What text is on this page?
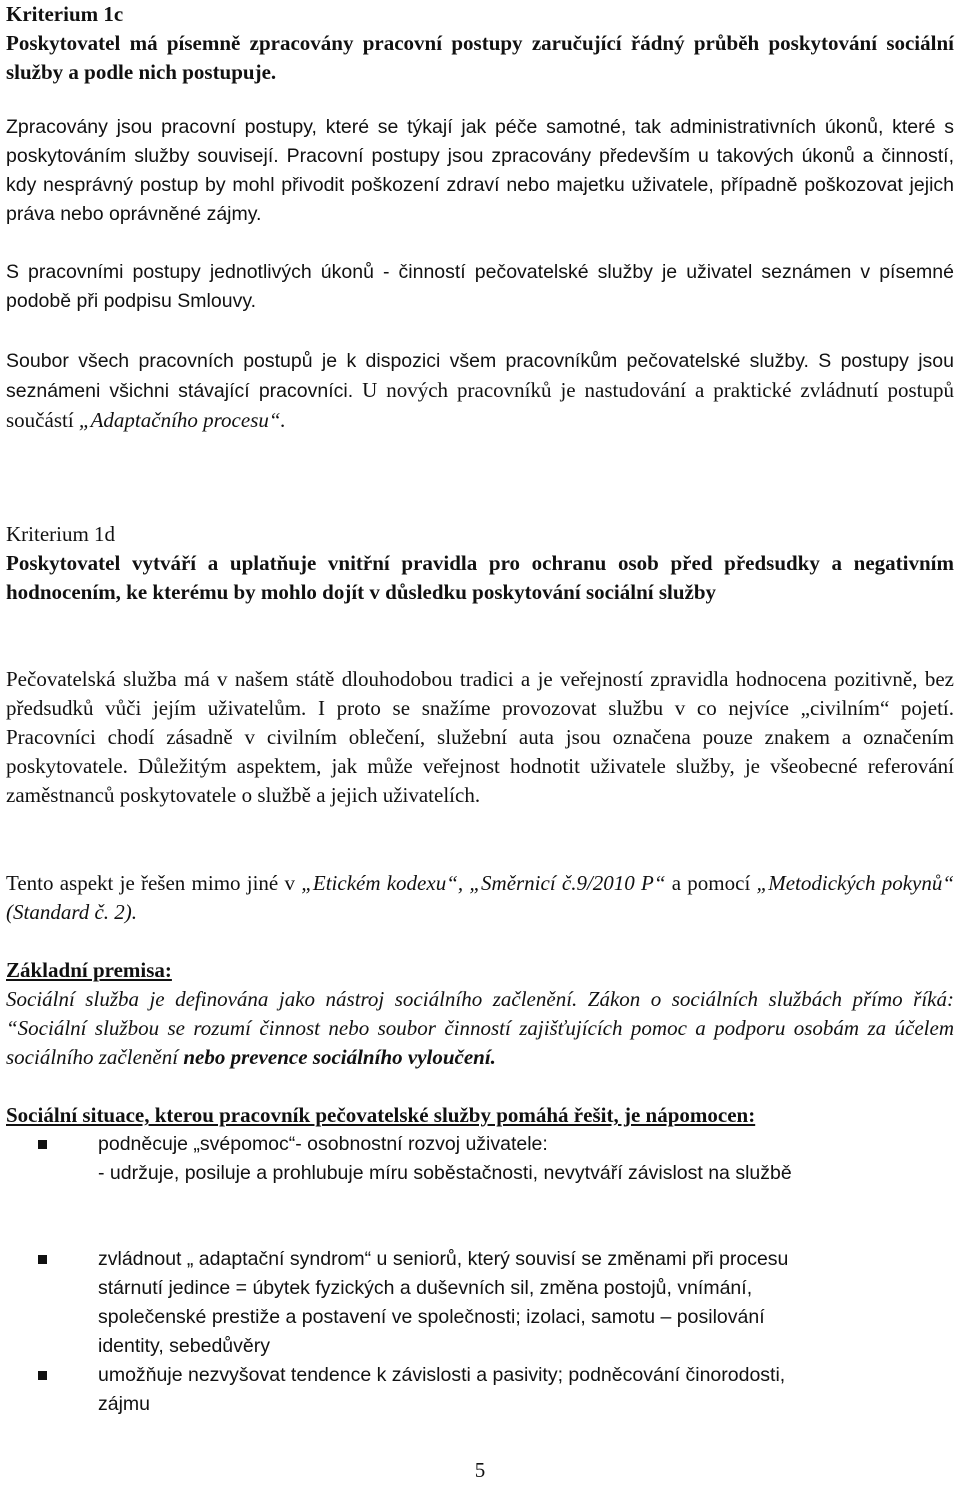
Kriterium 1c
Poskytovatel má písemně zpracovány pracovní postupy zaručující řádný průběh poskytování sociální služby a podle nich postupuje.

Zpracovány jsou pracovní postupy, které se týkají jak péče samotné, tak administrativních úkonů, které s poskytováním služby souvisejí. Pracovní postupy jsou zpracovány především u takových úkonů a činností, kdy nesprávný postup by mohl přivodit poškození zdraví nebo majetku uživatele, případně poškozovat jejich práva nebo oprávněné zájmy.

S pracovními postupy jednotlivých úkonů - činností pečovatelské služby je uživatel seznámen v písemné podobě při podpisu Smlouvy.

Soubor všech pracovních postupů je k dispozici všem pracovníkům pečovatelské služby. S postupy jsou seznámeni všichni stávající pracovníci. U nových pracovníků je nastudování a praktické zvládnutí postupů součástí „Adaptačního procesu“.

Kriterium 1d
Poskytovatel vytváří a uplatňuje vnitřní pravidla pro ochranu osob před předsudky a negativním hodnocením, ke kterému by mohlo dojít v důsledku poskytování sociální služby

Pečovatelská služba má v našem státě dlouhodobou tradici a je veřejností zpravidla hodnocena pozitivně, bez předsudků vůči jejím uživatelům. I proto se snažíme provozovat službu v co nejvíce „civilním“ pojetí. Pracovníci chodí zásadně v civilním oblečení, služební auta jsou označena pouze znakem a označením poskytovatele. Důležitým aspektem, jak může veřejnost hodnotit uživatele služby, je všeobecné referování zaměstnanců poskytovatele o službě a jejich uživatelích.

Tento aspekt je řešen mimo jiné v „Etickém kodexu“, „Směrnicí č.9/2010 P“ a pomocí „Metodických pokynů“ (Standard č. 2).

Základní premisa:

Sociální služba je definována jako nástroj sociálního začlenění. Zákon o sociálních službách přímo říká: “Sociální službou se rozumí činnost nebo soubor činností zajišťujících pomoc a podporu osobám za účelem sociálního začlenění nebo prevence sociálního vyloučení.

Sociální situace, kterou pracovník pečovatelské služby pomáhá řešit, je nápomocen:
podněcuje „svépomoc“- osobnostní rozvoj uživatele:
- udržuje, posiluje a prohlubuje míru soběstačnosti, nevytváří závislost na službě
zvládnout „ adaptační syndrom“ u seniorů, který souvisí se změnami při procesu
stárnutí jedince = úbytek fyzických a duševních sil, změna postojů, vnímání,
společenské prestiže a postavení ve společnosti; izolaci, samotu – posilování
identity, sebedůvěry
umožňuje nezvyšovat tendence k závislosti a pasivity; podněcování činorodosti,
zájmu
5
